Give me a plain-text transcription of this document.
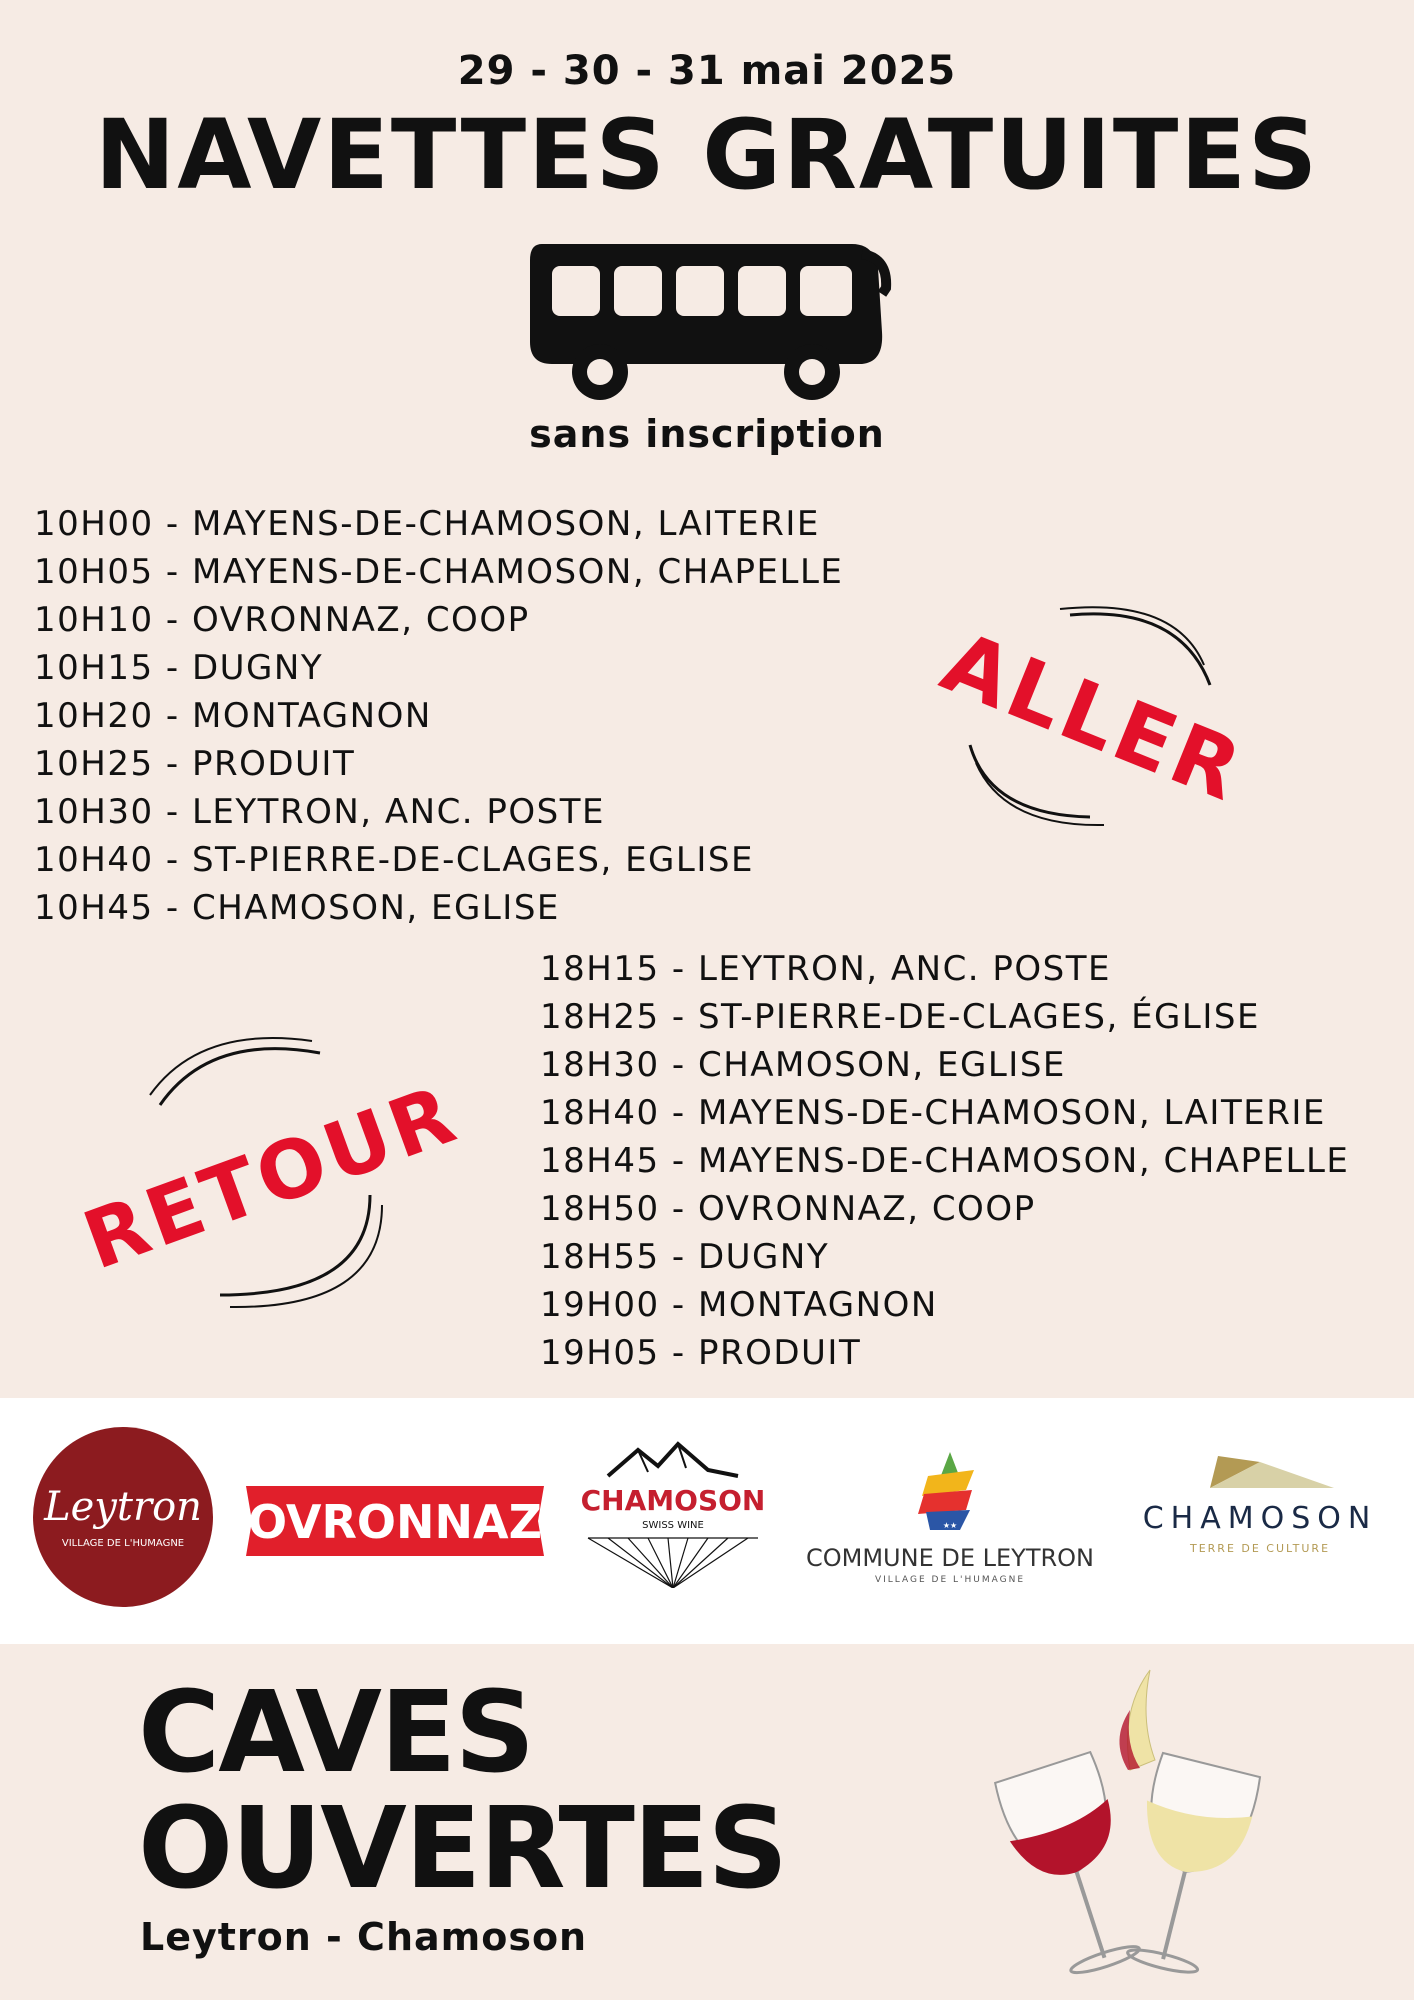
29 - 30 - 31 mai 2025
NAVETTES GRATUITES
sans inscription
10H00 - MAYENS-DE-CHAMOSON, LAITERIE
10H05 - MAYENS-DE-CHAMOSON, CHAPELLE
10H10 - OVRONNAZ, COOP
10H15 - DUGNY
10H20 - MONTAGNON
10H25 - PRODUIT
10H30 - LEYTRON, ANC. POSTE
10H40 - ST-PIERRE-DE-CLAGES, EGLISE
10H45 - CHAMOSON, EGLISE
ALLER
18H15 - LEYTRON, ANC. POSTE
18H25 - ST-PIERRE-DE-CLAGES, ÉGLISE
18H30 - CHAMOSON, EGLISE
18H40 - MAYENS-DE-CHAMOSON, LAITERIE
18H45 - MAYENS-DE-CHAMOSON, CHAPELLE
18H50 - OVRONNAZ, COOP
18H55 - DUGNY
19H00 - MONTAGNON
19H05 - PRODUIT
RETOUR
Leytron
VILLAGE DE L'HUMAGNE OVRONNAZ CHAMOSON
SWISS WINE	★★
COMMUNE DE LEYTRON
VILLAGE DE L'HUMAGNE
CHAMOSON
TERRE DE CULTURE
CAVES
OUVERTES
Leytron - Chamoson
